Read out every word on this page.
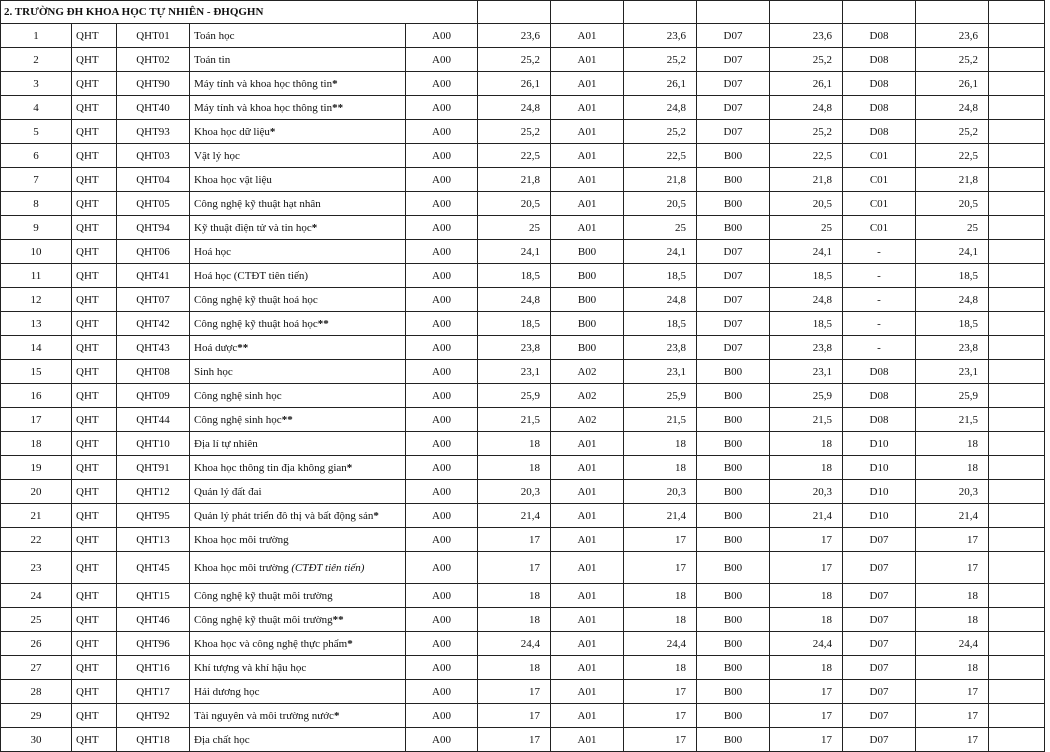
2. TRƯỜNG ĐH KHOA HỌC TỰ NHIÊN - ĐHQGHN												
1	QHT	QHT01	Toán học	A00	23,6	A01	23,6	D07	23,6	D08	23,6	
2	QHT	QHT02	Toán tin	A00	25,2	A01	25,2	D07	25,2	D08	25,2	
3	QHT	QHT90	Máy tính và khoa học thông tin*	A00	26,1	A01	26,1	D07	26,1	D08	26,1	
4	QHT	QHT40	Máy tính và khoa học thông tin**	A00	24,8	A01	24,8	D07	24,8	D08	24,8	
5	QHT	QHT93	Khoa học dữ liệu*	A00	25,2	A01	25,2	D07	25,2	D08	25,2	
6	QHT	QHT03	Vật lý học	A00	22,5	A01	22,5	B00	22,5	C01	22,5	
7	QHT	QHT04	Khoa học vật liệu	A00	21,8	A01	21,8	B00	21,8	C01	21,8	
8	QHT	QHT05	Công nghệ kỹ thuật hạt nhân	A00	20,5	A01	20,5	B00	20,5	C01	20,5	
9	QHT	QHT94	Kỹ thuật điện tử và tin học*	A00	25	A01	25	B00	25	C01	25	
10	QHT	QHT06	Hoá học	A00	24,1	B00	24,1	D07	24,1	-	24,1	
11	QHT	QHT41	Hoá học (CTĐT tiên tiến)	A00	18,5	B00	18,5	D07	18,5	-	18,5	
12	QHT	QHT07	Công nghệ kỹ thuật hoá học	A00	24,8	B00	24,8	D07	24,8	-	24,8	
13	QHT	QHT42	Công nghệ kỹ thuật hoá học**	A00	18,5	B00	18,5	D07	18,5	-	18,5	
14	QHT	QHT43	Hoá dược**	A00	23,8	B00	23,8	D07	23,8	-	23,8	
15	QHT	QHT08	Sinh học	A00	23,1	A02	23,1	B00	23,1	D08	23,1	
16	QHT	QHT09	Công nghệ sinh học	A00	25,9	A02	25,9	B00	25,9	D08	25,9	
17	QHT	QHT44	Công nghệ sinh học**	A00	21,5	A02	21,5	B00	21,5	D08	21,5	
18	QHT	QHT10	Địa lí tự nhiên	A00	18	A01	18	B00	18	D10	18	
19	QHT	QHT91	Khoa học thông tin địa không gian*	A00	18	A01	18	B00	18	D10	18	
20	QHT	QHT12	Quản lý đất đai	A00	20,3	A01	20,3	B00	20,3	D10	20,3	
21	QHT	QHT95	Quản lý phát triển đô thị và bất động sản*	A00	21,4	A01	21,4	B00	21,4	D10	21,4	
22	QHT	QHT13	Khoa học môi trường	A00	17	A01	17	B00	17	D07	17	
23	QHT	QHT45	Khoa học môi trường (CTĐT tiên tiến)	A00	17	A01	17	B00	17	D07	17	
24	QHT	QHT15	Công nghệ kỹ thuật môi trường	A00	18	A01	18	B00	18	D07	18	
25	QHT	QHT46	Công nghệ kỹ thuật môi trường**	A00	18	A01	18	B00	18	D07	18	
26	QHT	QHT96	Khoa học và công nghệ thực phẩm*	A00	24,4	A01	24,4	B00	24,4	D07	24,4	
27	QHT	QHT16	Khí tượng và khí hậu học	A00	18	A01	18	B00	18	D07	18	
28	QHT	QHT17	Hải dương học	A00	17	A01	17	B00	17	D07	17	
29	QHT	QHT92	Tài nguyên và môi trường nước*	A00	17	A01	17	B00	17	D07	17	
30	QHT	QHT18	Địa chất học	A00	17	A01	17	B00	17	D07	17	
